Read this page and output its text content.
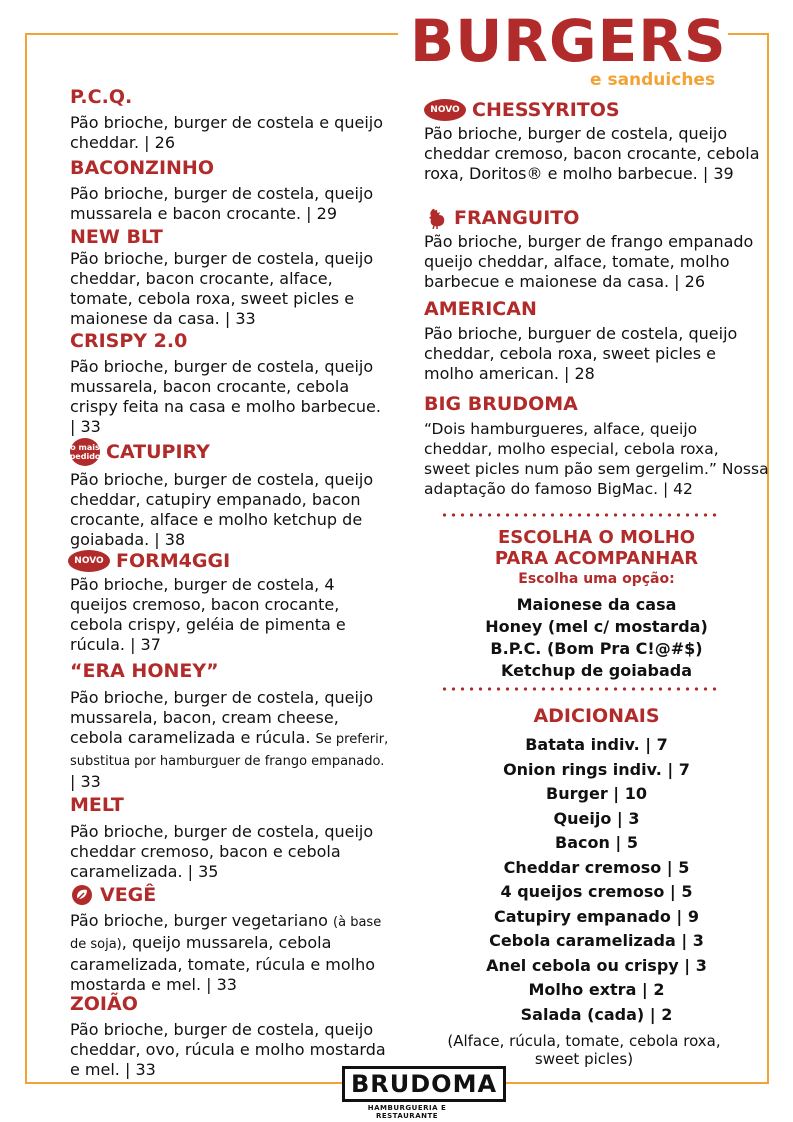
BURGERS
e sanduiches
P.C.Q.
Pão brioche, burger de costela e queijo cheddar. | 26
BACONZINHO
Pão brioche, burger de costela, queijo mussarela e bacon crocante. | 29
NEW BLT
Pão brioche, burger de costela, queijo cheddar, bacon crocante, alface, tomate, cebola roxa, sweet picles e maionese da casa. | 33
CRISPY 2.0
Pão brioche, burger de costela, queijo mussarela, bacon crocante, cebola crispy feita na casa e molho barbecue. | 33
o mais
pedido CATUPIRY
Pão brioche, burger de costela, queijo cheddar, catupiry empanado, bacon crocante, alface e molho ketchup de goiabada. | 38
NOVO FORM4GGI
Pão brioche, burger de costela, 4 queijos cremoso, bacon crocante, cebola crispy, geléia de pimenta e rúcula. | 37
“ERA HONEY”
Pão brioche, burger de costela, queijo mussarela, bacon, cream cheese, cebola caramelizada e rúcula. Se preferir, substitua por hamburguer de frango empanado. | 33
MELT
Pão brioche, burger de costela, queijo cheddar cremoso, bacon e cebola caramelizada. | 35
VEGÊ
Pão brioche, burger vegetariano (à base de soja), queijo mussarela, cebola caramelizada, tomate, rúcula e molho mostarda e mel. | 33
ZOIÃO
Pão brioche, burger de costela, queijo cheddar, ovo, rúcula e molho mostarda e mel. | 33
NOVO CHESSYRITOS
Pão brioche, burger de costela, queijo cheddar cremoso, bacon crocante, cebola roxa, Doritos® e molho barbecue. | 39
FRANGUITO
Pão brioche, burger de frango empanado queijo cheddar, alface, tomate, molho barbecue e maionese da casa. | 26
AMERICAN
Pão brioche, burguer de costela, queijo cheddar, cebola roxa, sweet picles e molho american. | 28
BIG BRUDOMA
“Dois hamburgueres, alface, queijo cheddar, molho especial, cebola roxa, sweet picles num pão sem gergelim.” Nossa adaptação do famoso BigMac. | 42
ESCOLHA O MOLHO
PARA ACOMPANHAR
Escolha uma opção:
Maionese da casa
Honey (mel c/ mostarda)
B.P.C. (Bom Pra C!@#$)
Ketchup de goiabada
ADICIONAIS
Batata indiv. | 7
Onion rings indiv. | 7
Burger | 10
Queijo | 3
Bacon | 5
Cheddar cremoso | 5
4 queijos cremoso | 5
Catupiry empanado | 9
Cebola caramelizada | 3
Anel cebola ou crispy | 3
Molho extra | 2
Salada (cada) | 2
(Alface, rúcula, tomate, cebola roxa, sweet picles)
BRUDOMA
HAMBURGUERIA E RESTAURANTE
